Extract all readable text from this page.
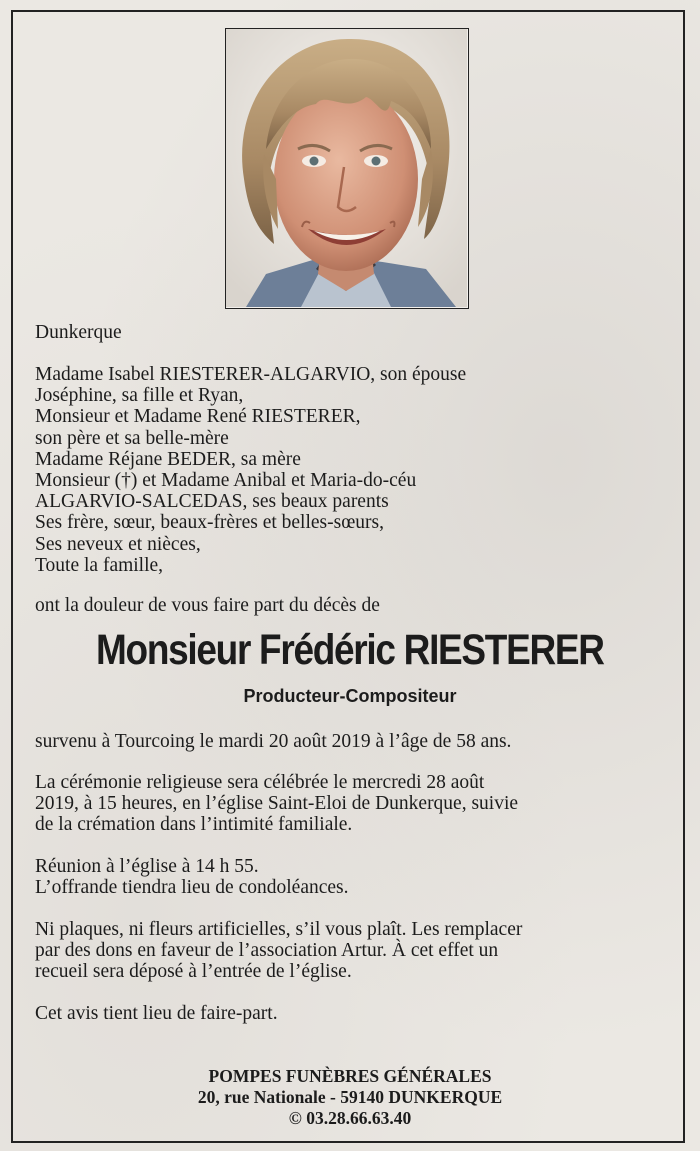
Dunkerque
Madame Isabel RIESTERER-ALGARVIO, son épouse
Joséphine, sa fille et Ryan,
Monsieur et Madame René RIESTERER,
son père et sa belle-mère
Madame Réjane BEDER, sa mère
Monsieur (†) et Madame Anibal et Maria-do-céu
ALGARVIO-SALCEDAS, ses beaux parents
Ses frère, sœur, beaux-frères et belles-sœurs,
Ses neveux et nièces,
Toute la famille,
ont la douleur de vous faire part du décès de
Monsieur Frédéric RIESTERER
Producteur-Compositeur
survenu à Tourcoing le mardi 20 août 2019 à l’âge de 58 ans.
La cérémonie religieuse sera célébrée le mercredi 28 août
2019, à 15 heures, en l’église Saint-Eloi de Dunkerque, suivie
de la crémation dans l’intimité familiale.
Réunion à l’église à 14 h 55.
L’offrande tiendra lieu de condoléances.
Ni plaques, ni fleurs artificielles, s’il vous plaît. Les remplacer
par des dons en faveur de l’association Artur. À cet effet un
recueil sera déposé à l’entrée de l’église.
Cet avis tient lieu de faire-part.
POMPES FUNÈBRES GÉNÉRALES
20, rue Nationale - 59140 DUNKERQUE
© 03.28.66.63.40
